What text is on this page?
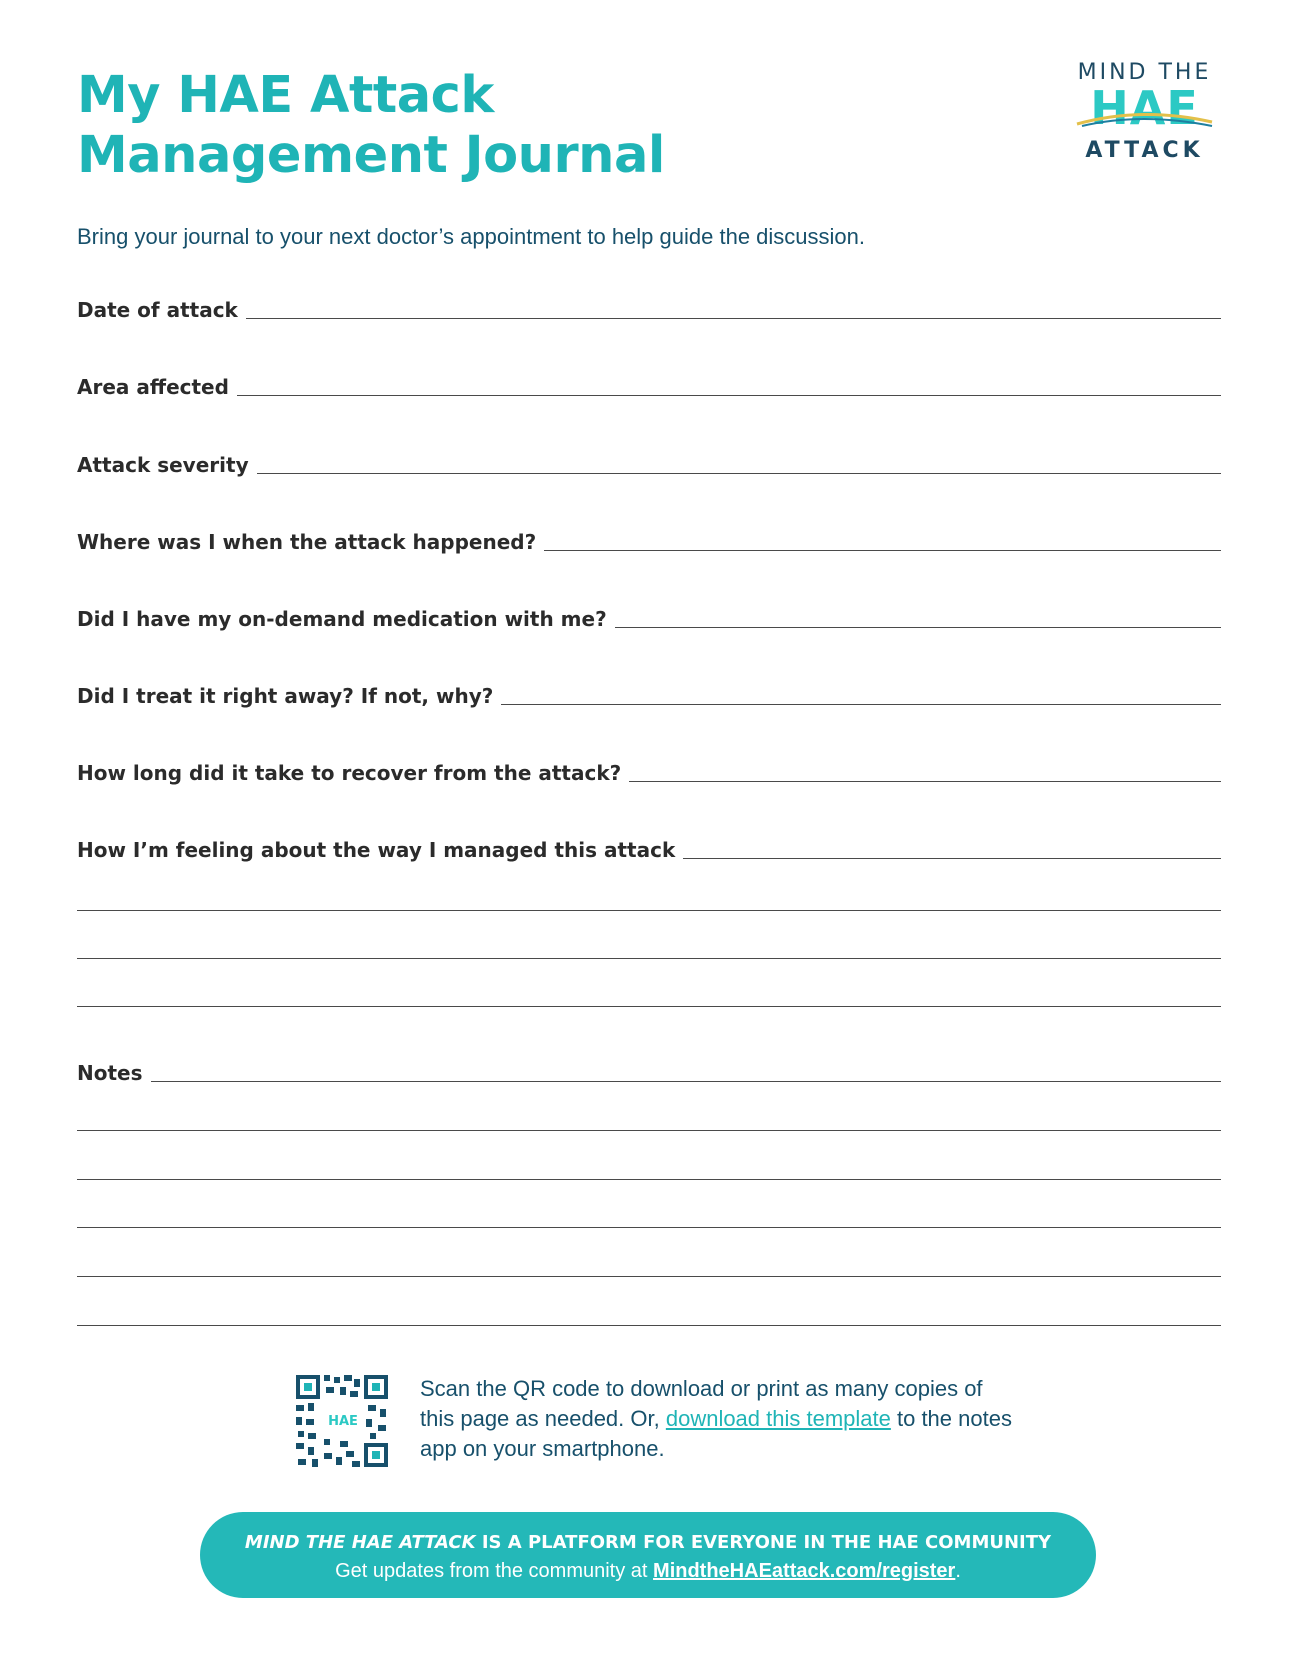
My HAE Attack
Management Journal
MIND THE
HAE
ATTACK

Bring your journal to your next doctor’s appointment to help guide the discussion.

Date of attack
Area affected
Attack severity
Where was I when the attack happened?
Did I have my on-demand medication with me?
Did I treat it right away? If not, why?
How long did it take to recover from the attack?
How I’m feeling about the way I managed this attack
Notes
HAE

Scan the QR code to download or print as many copies of this page as needed. Or, download this template to the notes app on your smartphone.

MIND THE HAE ATTACK IS A PLATFORM FOR EVERYONE IN THE HAE COMMUNITY
Get updates from the community at MindtheHAEattack.com/register.
